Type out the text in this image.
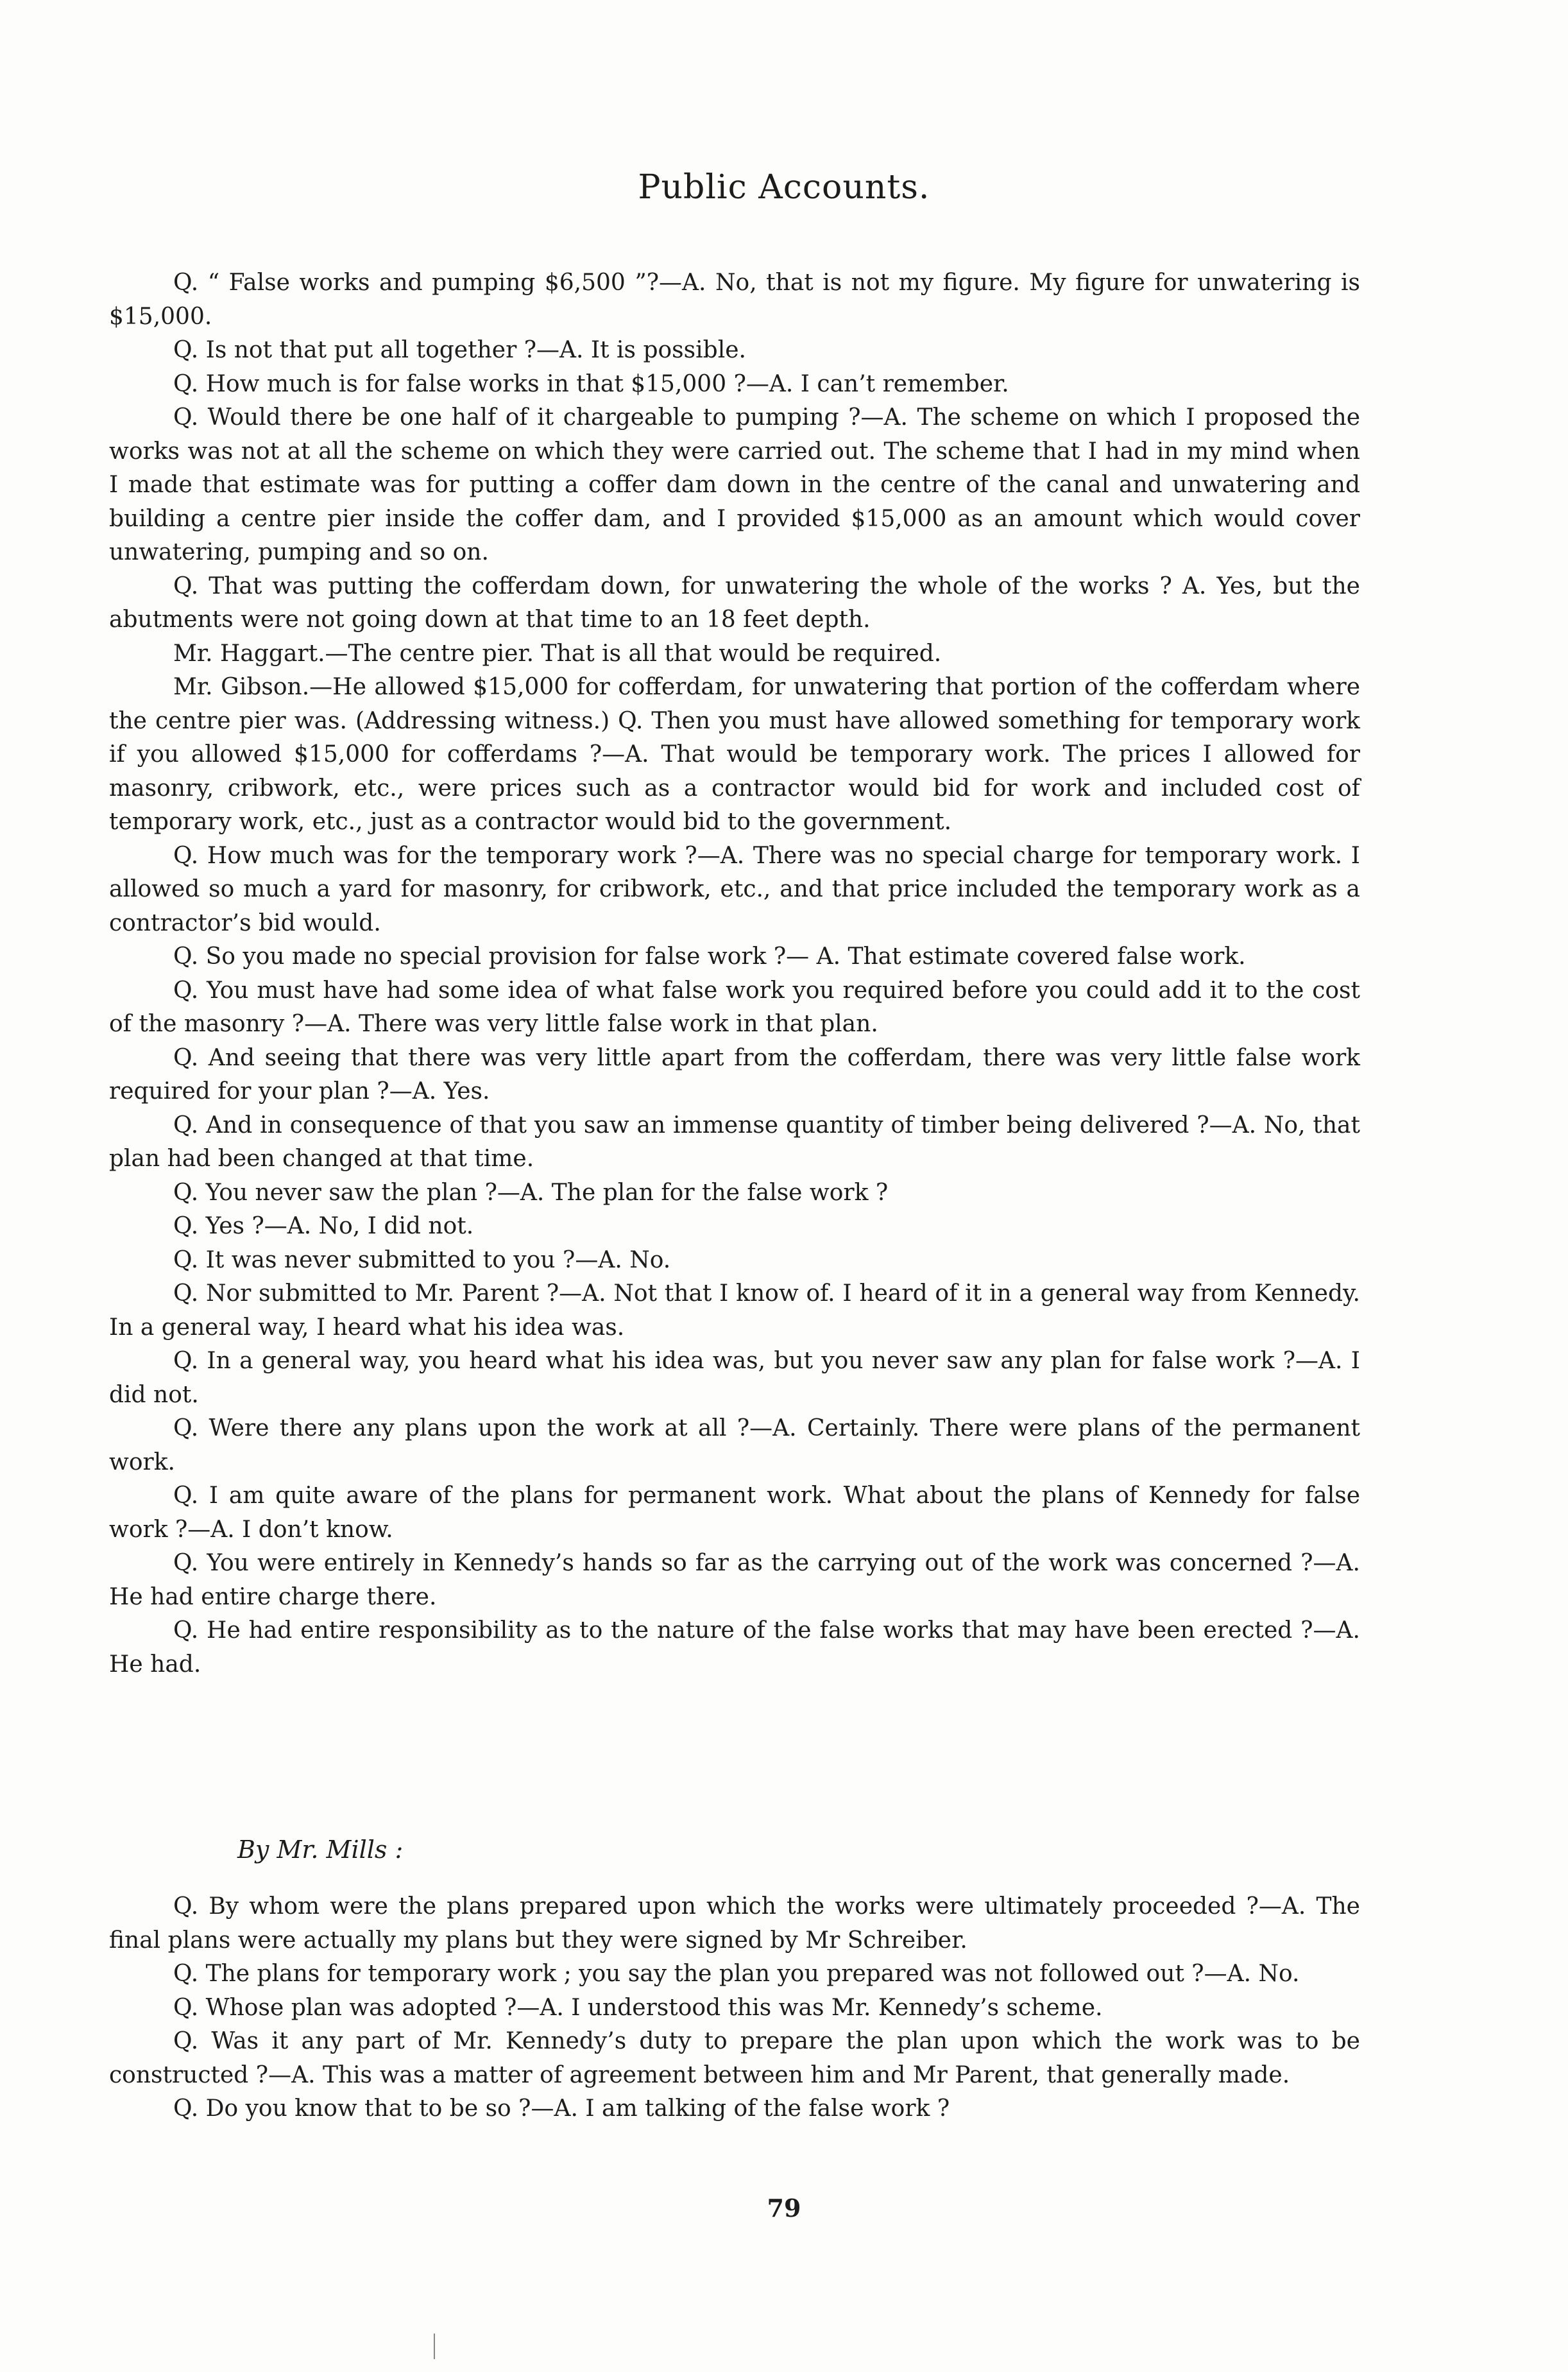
Public Accounts.

Q. “ False works and pumping $6,500 ”?—A. No, that is not my figure. My figure for unwatering is $15,000.

Q. Is not that put all together ?—A. It is possible.

Q. How much is for false works in that $15,000 ?—A. I can’t remember.

Q. Would there be one half of it chargeable to pumping ?—A. The scheme on which I proposed the works was not at all the scheme on which they were carried out. The scheme that I had in my mind when I made that estimate was for putting a coffer dam down in the centre of the canal and unwatering and building a centre pier inside the coffer dam, and I provided $15,000 as an amount which would cover unwatering, pumping and so on.

Q. That was putting the cofferdam down, for unwatering the whole of the works ? A. Yes, but the abutments were not going down at that time to an 18 feet depth.

Mr. Haggart.—The centre pier. That is all that would be required.

Mr. Gibson.—He allowed $15,000 for cofferdam, for unwatering that portion of the cofferdam where the centre pier was. (Addressing witness.) Q. Then you must have allowed something for temporary work if you allowed $15,000 for cofferdams ?—A. That would be temporary work. The prices I allowed for masonry, cribwork, etc., were prices such as a contractor would bid for work and included cost of temporary work, etc., just as a contractor would bid to the government.

Q. How much was for the temporary work ?—A. There was no special charge for temporary work. I allowed so much a yard for masonry, for cribwork, etc., and that price included the temporary work as a contractor’s bid would.

Q. So you made no special provision for false work ?— A. That estimate covered false work.

Q. You must have had some idea of what false work you required before you could add it to the cost of the masonry ?—A. There was very little false work in that plan.

Q. And seeing that there was very little apart from the cofferdam, there was very little false work required for your plan ?—A. Yes.

Q. And in consequence of that you saw an immense quantity of timber being delivered ?—A. No, that plan had been changed at that time.

Q. You never saw the plan ?—A. The plan for the false work ?

Q. Yes ?—A. No, I did not.

Q. It was never submitted to you ?—A. No.

Q. Nor submitted to Mr. Parent ?—A. Not that I know of. I heard of it in a general way from Kennedy. In a general way, I heard what his idea was.

Q. In a general way, you heard what his idea was, but you never saw any plan for false work ?—A. I did not.

Q. Were there any plans upon the work at all ?—A. Certainly. There were plans of the permanent work.

Q. I am quite aware of the plans for permanent work. What about the plans of Kennedy for false work ?—A. I don’t know.

Q. You were entirely in Kennedy’s hands so far as the carrying out of the work was concerned ?—A. He had entire charge there.

Q. He had entire responsibility as to the nature of the false works that may have been erected ?—A. He had.

By Mr. Mills :

Q. By whom were the plans prepared upon which the works were ultimately proceeded ?—A. The final plans were actually my plans but they were signed by Mr Schreiber.

Q. The plans for temporary work ; you say the plan you prepared was not followed out ?—A. No.

Q. Whose plan was adopted ?—A. I understood this was Mr. Kennedy’s scheme.

Q. Was it any part of Mr. Kennedy’s duty to prepare the plan upon which the work was to be constructed ?—A. This was a matter of agreement between him and Mr Parent, that generally made.

Q. Do you know that to be so ?—A. I am talking of the false work ?

79
